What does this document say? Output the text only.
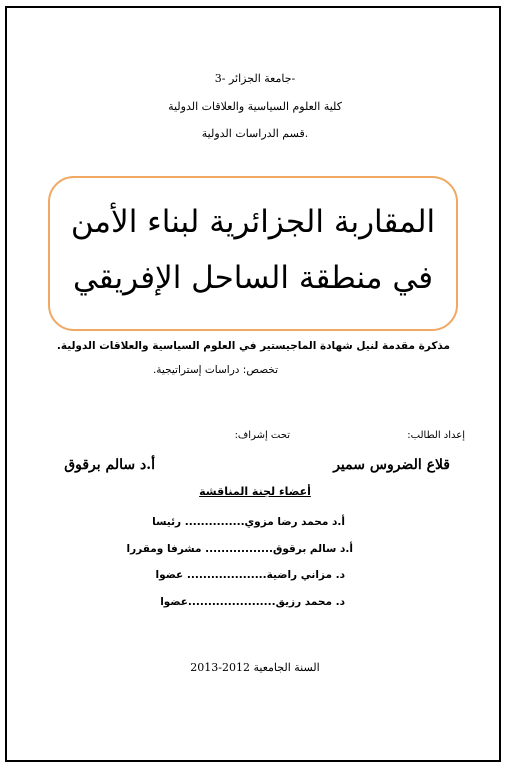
جامعة الجزائر -3-
كلية العلوم السياسية والعلاقات الدولية
قسم الدراسات الدولية.
المقاربة الجزائرية لبناء الأمن
في منطقة الساحل الإفريقي
مذكرة مقدمة لنيل شهادة الماجيستير في العلوم السياسية والعلاقات الدولية.
تخصص: دراسات إستراتيجية.
إعداد الطالب:
تحت إشراف:
قلاع الضروس سمير
أ.د سالم برقوق
أعضاء لجنة المناقشة
أ.د محمد رضا مزوي............... رئيسا
أ.د سالم برقوق................. مشرفا ومقررا
د. مزاني راضية.................... عضوا
د. محمد رزيق......................عضوا
السنة الجامعية 2012-2013
